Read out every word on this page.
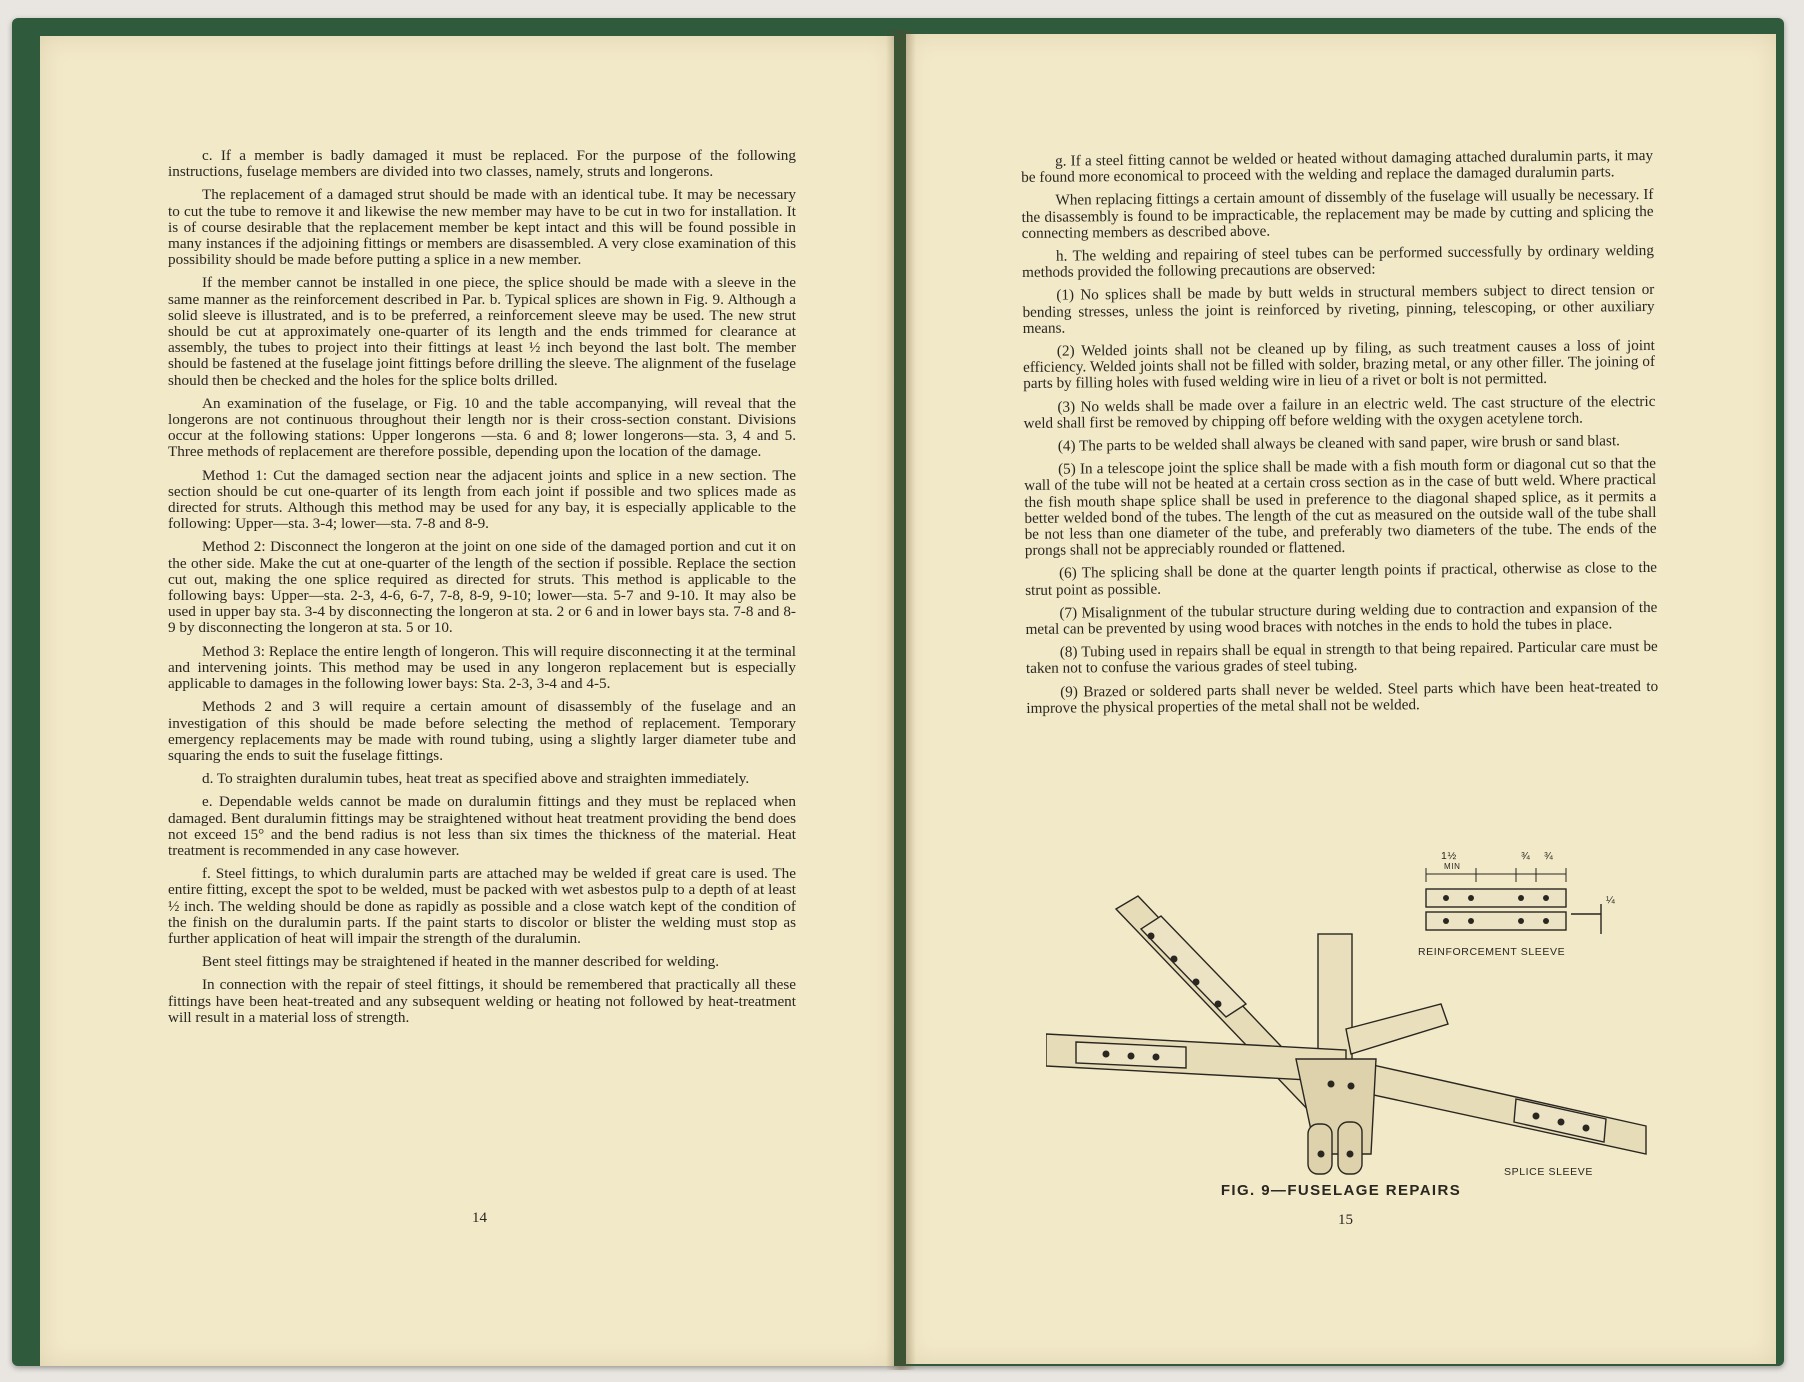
c. If a member is badly damaged it must be replaced. For the purpose of the following instructions, fuselage members are divided into two classes, namely, struts and longerons.

The replacement of a damaged strut should be made with an identical tube. It may be necessary to cut the tube to remove it and likewise the new member may have to be cut in two for installation. It is of course desirable that the replacement member be kept intact and this will be found possible in many instances if the adjoining fittings or members are disassembled. A very close examination of this possibility should be made before putting a splice in a new member.

If the member cannot be installed in one piece, the splice should be made with a sleeve in the same manner as the reinforcement described in Par. b. Typical splices are shown in Fig. 9. Although a solid sleeve is illustrated, and is to be preferred, a reinforcement sleeve may be used. The new strut should be cut at approximately one-quarter of its length and the ends trimmed for clearance at assembly, the tubes to project into their fittings at least ½ inch beyond the last bolt. The member should be fastened at the fuselage joint fittings before drilling the sleeve. The alignment of the fuselage should then be checked and the holes for the splice bolts drilled.

An examination of the fuselage, or Fig. 10 and the table accompanying, will reveal that the longerons are not continuous throughout their length nor is their cross-section constant. Divisions occur at the following stations: Upper longerons —sta. 6 and 8; lower longerons—sta. 3, 4 and 5. Three methods of replacement are therefore possible, depending upon the location of the damage.

Method 1: Cut the damaged section near the adjacent joints and splice in a new section. The section should be cut one-quarter of its length from each joint if possible and two splices made as directed for struts. Although this method may be used for any bay, it is especially applicable to the following: Upper—sta. 3-4; lower—sta. 7-8 and 8-9.

Method 2: Disconnect the longeron at the joint on one side of the damaged portion and cut it on the other side. Make the cut at one-quarter of the length of the section if possible. Replace the section cut out, making the one splice required as directed for struts. This method is applicable to the following bays: Upper—sta. 2-3, 4-6, 6-7, 7-8, 8-9, 9-10; lower—sta. 5-7 and 9-10. It may also be used in upper bay sta. 3-4 by disconnecting the longeron at sta. 2 or 6 and in lower bays sta. 7-8 and 8-9 by disconnecting the longeron at sta. 5 or 10.

Method 3: Replace the entire length of longeron. This will require disconnecting it at the terminal and intervening joints. This method may be used in any longeron replacement but is especially applicable to damages in the following lower bays: Sta. 2-3, 3-4 and 4-5.

Methods 2 and 3 will require a certain amount of disassembly of the fuselage and an investigation of this should be made before selecting the method of replacement. Temporary emergency replacements may be made with round tubing, using a slightly larger diameter tube and squaring the ends to suit the fuselage fittings.

d. To straighten duralumin tubes, heat treat as specified above and straighten immediately.

e. Dependable welds cannot be made on duralumin fittings and they must be replaced when damaged. Bent duralumin fittings may be straightened without heat treatment providing the bend does not exceed 15° and the bend radius is not less than six times the thickness of the material. Heat treatment is recommended in any case however.

f. Steel fittings, to which duralumin parts are attached may be welded if great care is used. The entire fitting, except the spot to be welded, must be packed with wet asbestos pulp to a depth of at least ½ inch. The welding should be done as rapidly as possible and a close watch kept of the condition of the finish on the duralumin parts. If the paint starts to discolor or blister the welding must stop as further application of heat will impair the strength of the duralumin.

Bent steel fittings may be straightened if heated in the manner described for welding.

In connection with the repair of steel fittings, it should be remembered that practically all these fittings have been heat-treated and any subsequent welding or heating not followed by heat-treatment will result in a material loss of strength.

14

g. If a steel fitting cannot be welded or heated without damaging attached duralumin parts, it may be found more economical to proceed with the welding and replace the damaged duralumin parts.

When replacing fittings a certain amount of dissembly of the fuselage will usually be necessary. If the disassembly is found to be impracticable, the replacement may be made by cutting and splicing the connecting members as described above.

h. The welding and repairing of steel tubes can be performed successfully by ordinary welding methods provided the following precautions are observed:

(1) No splices shall be made by butt welds in structural members subject to direct tension or bending stresses, unless the joint is reinforced by riveting, pinning, telescoping, or other auxiliary means.

(2) Welded joints shall not be cleaned up by filing, as such treatment causes a loss of joint efficiency. Welded joints shall not be filled with solder, brazing metal, or any other filler. The joining of parts by filling holes with fused welding wire in lieu of a rivet or bolt is not permitted.

(3) No welds shall be made over a failure in an electric weld. The cast structure of the electric weld shall first be removed by chipping off before welding with the oxygen acetylene torch.

(4) The parts to be welded shall always be cleaned with sand paper, wire brush or sand blast.

(5) In a telescope joint the splice shall be made with a fish mouth form or diagonal cut so that the wall of the tube will not be heated at a certain cross section as in the case of butt weld. Where practical the fish mouth shape splice shall be used in preference to the diagonal shaped splice, as it permits a better welded bond of the tubes. The length of the cut as measured on the outside wall of the tube shall be not less than one diameter of the tube, and preferably two diameters of the tube. The ends of the prongs shall not be appreciably rounded or flattened.

(6) The splicing shall be done at the quarter length points if practical, otherwise as close to the strut point as possible.

(7) Misalignment of the tubular structure during welding due to contraction and expansion of the metal can be prevented by using wood braces with notches in the ends to hold the tubes in place.

(8) Tubing used in repairs shall be equal in strength to that being repaired. Particular care must be taken not to confuse the various grades of steel tubing.

(9) Brazed or soldered parts shall never be welded. Steel parts which have been heat-treated to improve the physical properties of the metal shall not be welded.

1½
MIN
¾ ¾
¼
REINFORCEMENT SLEEVE
SPLICE SLEEVE
FIG. 9—FUSELAGE REPAIRS
15
